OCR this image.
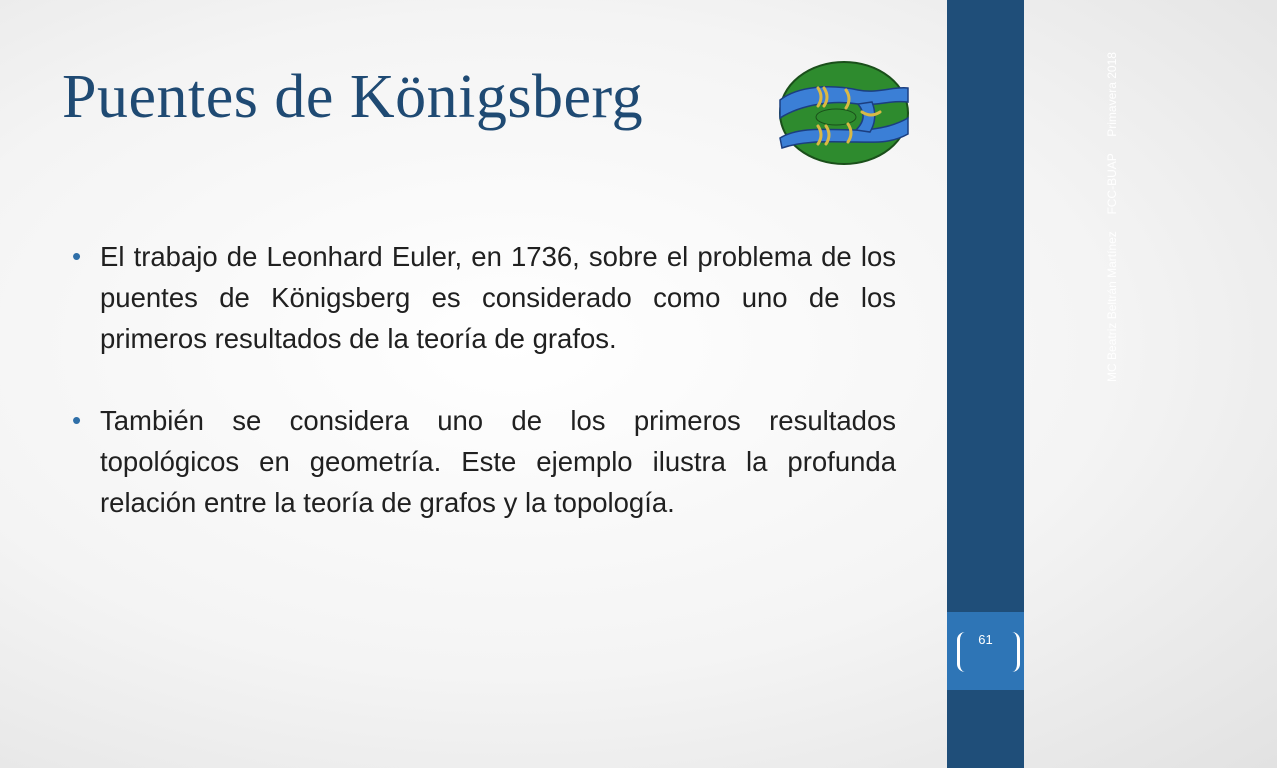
Puentes de Königsberg
• El trabajo de Leonhard Euler, en 1736, sobre el problema de los puentes de Königsberg es considerado como uno de los primeros resultados de la teoría de grafos.
• También se considera uno de los primeros resultados topológicos en geometría. Este ejemplo ilustra la profunda relación entre la teoría de grafos y la topología.
MC Beatriz Beltrán Martínez     FCC-BUAP     Primavera 2018
61
